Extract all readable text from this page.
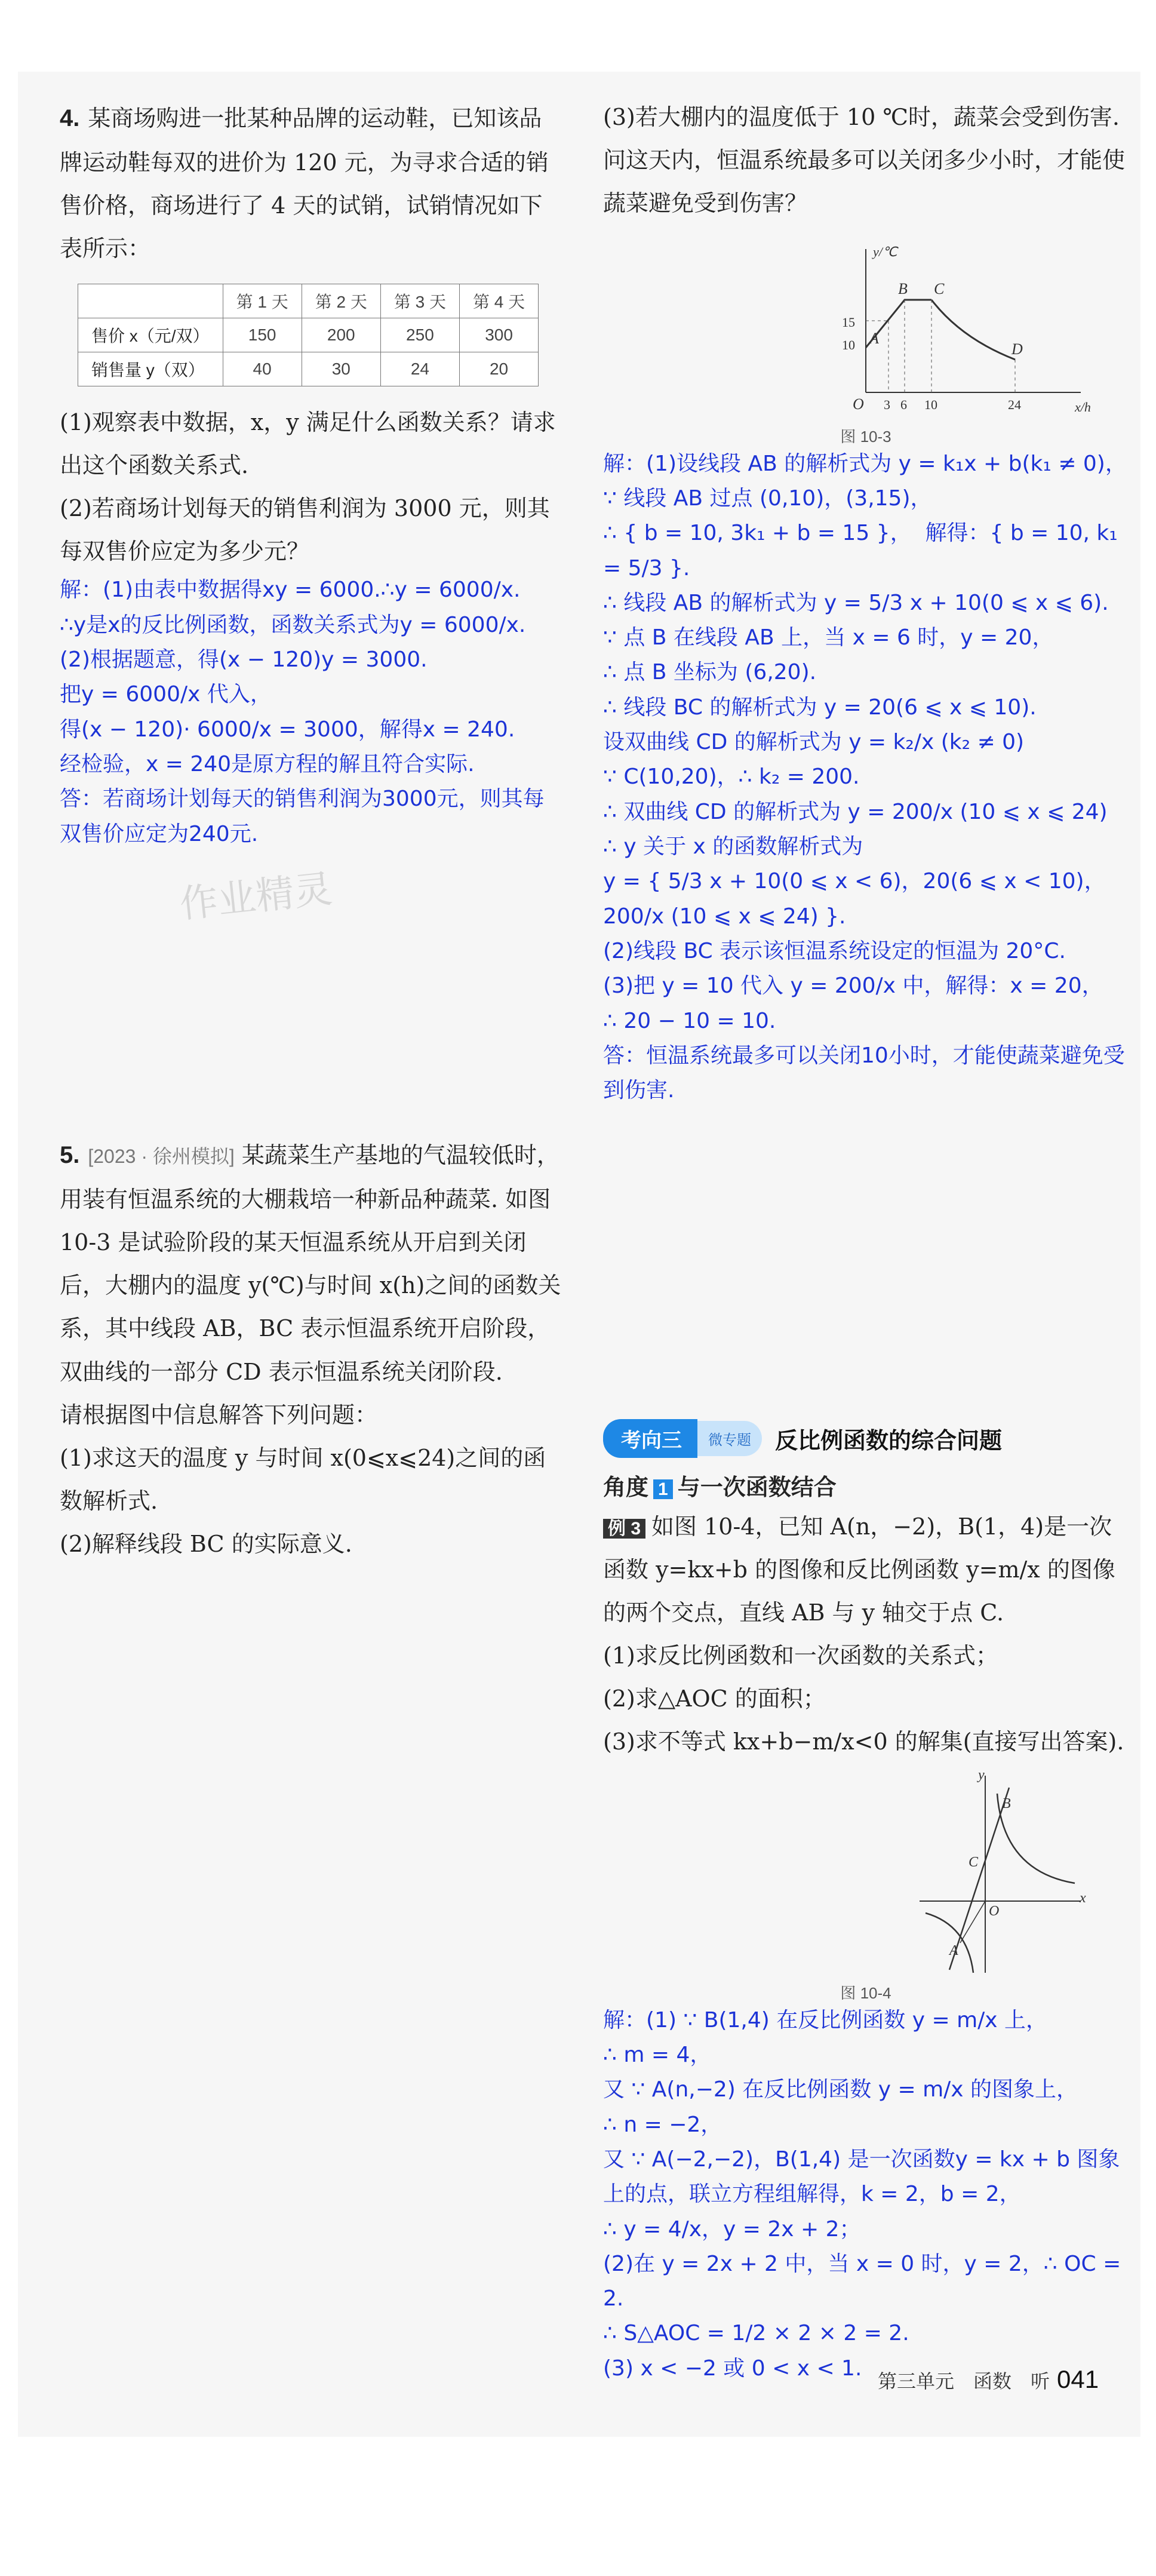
作业精灵

4. 某商场购进一批某种品牌的运动鞋，已知该品牌运动鞋每双的进价为 120 元，为寻求合适的销售价格，商场进行了 4 天的试销，试销情况如下表所示：

	第 1 天	第 2 天	第 3 天	第 4 天
售价 x（元/双）	150	200	250	300
销售量 y（双）	40	30	24	20

(1)观察表中数据，x，y 满足什么函数关系？请求出这个函数关系式.

(2)若商场计划每天的销售利润为 3000 元，则其每双售价应定为多少元？

解：(1)由表中数据得xy = 6000.∴y = 6000/x.
∴y是x的反比例函数，函数关系式为y = 6000/x.
(2)根据题意，得(x − 120)y = 3000.
把y = 6000/x 代入，
得(x − 120)· 6000/x = 3000，解得x = 240.
经检验，x = 240是原方程的解且符合实际.
答：若商场计划每天的销售利润为3000元，则其每双售价应定为240元.

5. [2023 · 徐州模拟] 某蔬菜生产基地的气温较低时，用装有恒温系统的大棚栽培一种新品种蔬菜. 如图 10-3 是试验阶段的某天恒温系统从开启到关闭后，大棚内的温度 y(℃)与时间 x(h)之间的函数关系，其中线段 AB，BC 表示恒温系统开启阶段，双曲线的一部分 CD 表示恒温系统关闭阶段.

请根据图中信息解答下列问题：

(1)求这天的温度 y 与时间 x(0⩽x⩽24)之间的函数解析式.

(2)解释线段 BC 的实际意义.

(3)若大棚内的温度低于 10 ℃时，蔬菜会受到伤害. 问这天内，恒温系统最多可以关闭多少小时，才能使蔬菜避免受到伤害？

y/℃
x/h
O
15
10
3 6 10	24
A
B C
D

图 10-3

解：(1)设线段 AB 的解析式为 y = k₁x + b(k₁ ≠ 0)，
∵ 线段 AB 过点 (0,10)，(3,15)，
∴ { b = 10, 3k₁ + b = 15 }，  解得：{ b = 10, k₁ = 5/3 }.
∴ 线段 AB 的解析式为 y = 5/3 x + 10(0 ⩽ x ⩽ 6).
∵ 点 B 在线段 AB 上，当 x = 6 时，y = 20，
∴ 点 B 坐标为 (6,20).
∴ 线段 BC 的解析式为 y = 20(6 ⩽ x ⩽ 10).
设双曲线 CD 的解析式为 y = k₂/x (k₂ ≠ 0)
∵ C(10,20)，∴ k₂ = 200.
∴ 双曲线 CD 的解析式为 y = 200/x (10 ⩽ x ⩽ 24)
∴ y 关于 x 的函数解析式为
y = { 5/3 x + 10(0 ⩽ x < 6)，20(6 ⩽ x < 10)，200/x (10 ⩽ x ⩽ 24) }.
(2)线段 BC 表示该恒温系统设定的恒温为 20°C.
(3)把 y = 10 代入 y = 200/x 中，解得：x = 20，
∴ 20 − 10 = 10.
答：恒温系统最多可以关闭10小时，才能使蔬菜避免受到伤害.

考向三	微专题	反比例函数的综合问题
角度 1 与一次函数结合

例 3 如图 10-4，已知 A(n，−2)，B(1，4)是一次函数 y=kx+b 的图像和反比例函数 y=m/x 的图像的两个交点，直线 AB 与 y 轴交于点 C.

(1)求反比例函数和一次函数的关系式；

(2)求△AOC 的面积；

(3)求不等式 kx+b−m/x<0 的解集(直接写出答案).

y
x
O
A
B
C

图 10-4

解：(1) ∵ B(1,4) 在反比例函数 y = m/x 上，
∴ m = 4，
又 ∵ A(n,−2) 在反比例函数 y = m/x 的图象上，
∴ n = −2，
又 ∵ A(−2,−2)，B(1,4) 是一次函数y = kx + b 图象上的点，联立方程组解得，k = 2，b = 2，
∴ y = 4/x，y = 2x + 2；
(2)在 y = 2x + 2 中，当 x = 0 时，y = 2，∴ OC = 2.
∴ S△AOC = 1/2 × 2 × 2 = 2.
(3) x < −2 或 0 < x < 1.

第三单元　函数　听 041
